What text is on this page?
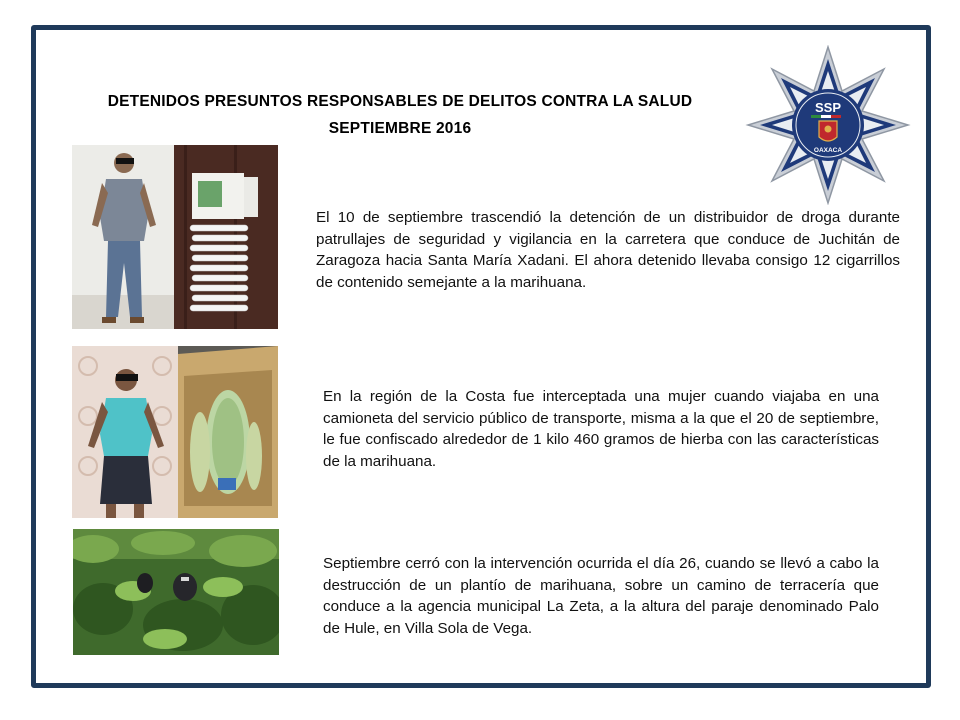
DETENIDOS PRESUNTOS RESPONSABLES DE DELITOS CONTRA LA SALUD
SEPTIEMBRE 2016
SSP
OAXACA
El 10 de septiembre trascendió la detención de un distribuidor de droga durante patrullajes de seguridad y vigilancia en la carretera que conduce de Juchitán de Zaragoza hacia Santa María Xadani. El ahora detenido llevaba consigo 12 cigarrillos de contenido semejante a la marihuana.
En la región de la Costa fue interceptada una mujer cuando viajaba en una camioneta del servicio público de transporte, misma a la que el 20 de septiembre, le fue confiscado alrededor de 1 kilo 460 gramos de hierba con las características de la marihuana.
Septiembre cerró con la intervención ocurrida el día 26, cuando se llevó a cabo la destrucción de un plantío de marihuana, sobre un camino de terracería que conduce a la agencia municipal La Zeta, a la altura del paraje denominado Palo de Hule, en Villa Sola de Vega.
